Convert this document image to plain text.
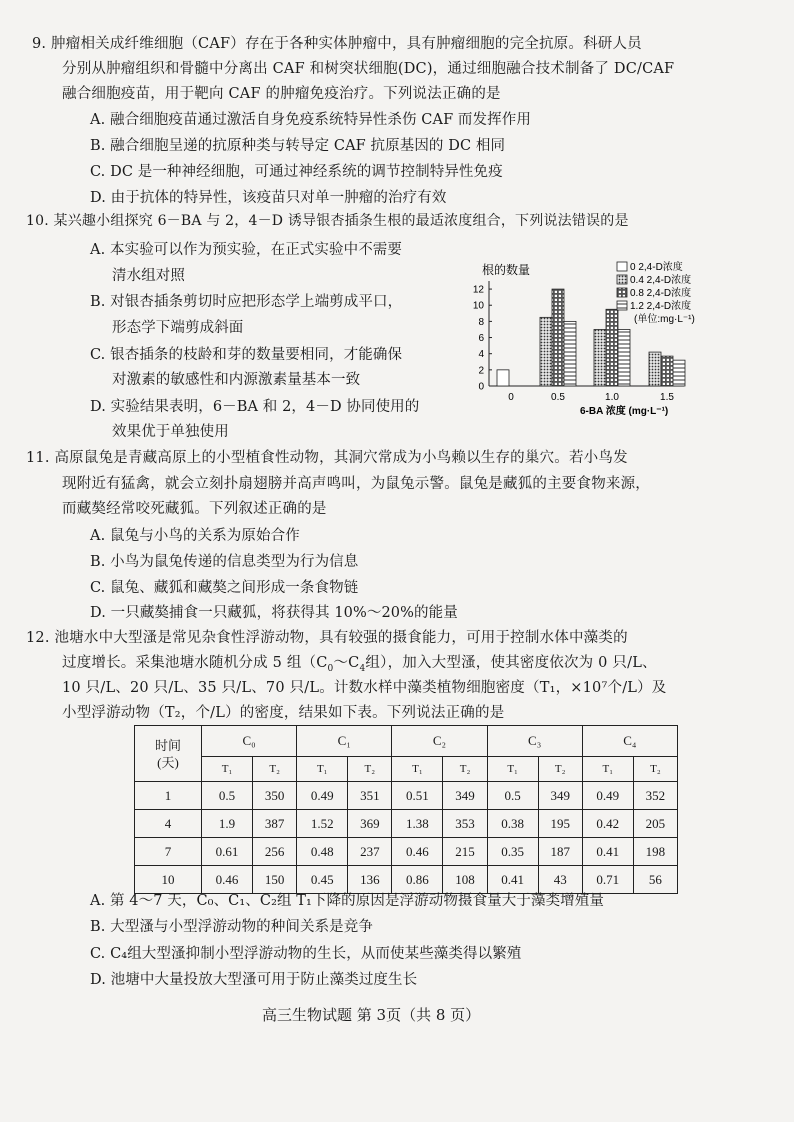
9. 肿瘤相关成纤维细胞（CAF）存在于各种实体肿瘤中，具有肿瘤细胞的完全抗原。科研人员
分别从肿瘤组织和骨髓中分离出 CAF 和树突状细胞(DC)，通过细胞融合技术制备了 DC/CAF
融合细胞疫苗，用于靶向 CAF 的肿瘤免疫治疗。下列说法正确的是
A. 融合细胞疫苗通过激活自身免疫系统特异性杀伤 CAF 而发挥作用
B. 融合细胞呈递的抗原种类与转导定 CAF 抗原基因的 DC 相同
C. DC 是一种神经细胞，可通过神经系统的调节控制特异性免疫
D. 由于抗体的特异性，该疫苗只对单一肿瘤的治疗有效
10. 某兴趣小组探究 6－BA 与 2，4－D 诱导银杏插条生根的最适浓度组合，下列说法错误的是
A. 本实验可以作为预实验，在正式实验中不需要
清水组对照
B. 对银杏插条剪切时应把形态学上端剪成平口，
形态学下端剪成斜面
C. 银杏插条的枝龄和芽的数量要相同，才能确保
对激素的敏感性和内源激素量基本一致
D. 实验结果表明，6－BA 和 2，4－D 协同使用的
效果优于单独使用
根的数量
0
2
4
6
8
10
12
0	0.5	1.0	1.5
6-BA 浓度 (mg·L⁻¹)
0 2,4-D浓度
0.4 2,4-D浓度
0.8 2,4-D浓度
1.2 2,4-D浓度
(单位:mg·L⁻¹)
11. 高原鼠兔是青藏高原上的小型植食性动物，其洞穴常成为小鸟赖以生存的巢穴。若小鸟发
现附近有猛禽，就会立刻扑扇翅膀并高声鸣叫，为鼠兔示警。鼠兔是藏狐的主要食物来源，
而藏獒经常咬死藏狐。下列叙述正确的是
A. 鼠兔与小鸟的关系为原始合作
B. 小鸟为鼠兔传递的信息类型为行为信息
C. 鼠兔、藏狐和藏獒之间形成一条食物链
D. 一只藏獒捕食一只藏狐，将获得其 10%～20%的能量
12. 池塘水中大型溞是常见杂食性浮游动物，具有较强的摄食能力，可用于控制水体中藻类的
过度增长。采集池塘水随机分成 5 组（$C_0\sim C_4$组），加入大型溞，使其密度依次为 0 只/L、
10 只/L、20 只/L、35 只/L、70 只/L。计数水样中藻类植物细胞密度（T₁，×10⁷个/L）及
小型浮游动物（T₂，个/L）的密度，结果如下表。下列说法正确的是
时间
(天)	C₀		C₁		C₂		C₃		C₄	
	T₁	T₂	T₁	T₂	T₁	T₂	T₁	T₂	T₁	T₂
1	0.5	350	0.49	351	0.51	349	0.5	349	0.49	352
4	1.9	387	1.52	369	1.38	353	0.38	195	0.42	205
7	0.61	256	0.48	237	0.46	215	0.35	187	0.41	198
10	0.46	150	0.45	136	0.86	108	0.41	43	0.71	56
A. 第 4～7 天，C₀、C₁、C₂组 T₁下降的原因是浮游动物摄食量大于藻类增殖量
B. 大型溞与小型浮游动物的种间关系是竞争
C. C₄组大型溞抑制小型浮游动物的生长，从而使某些藻类得以繁殖
D. 池塘中大量投放大型溞可用于防止藻类过度生长
高三生物试题 第 3页（共 8 页）
